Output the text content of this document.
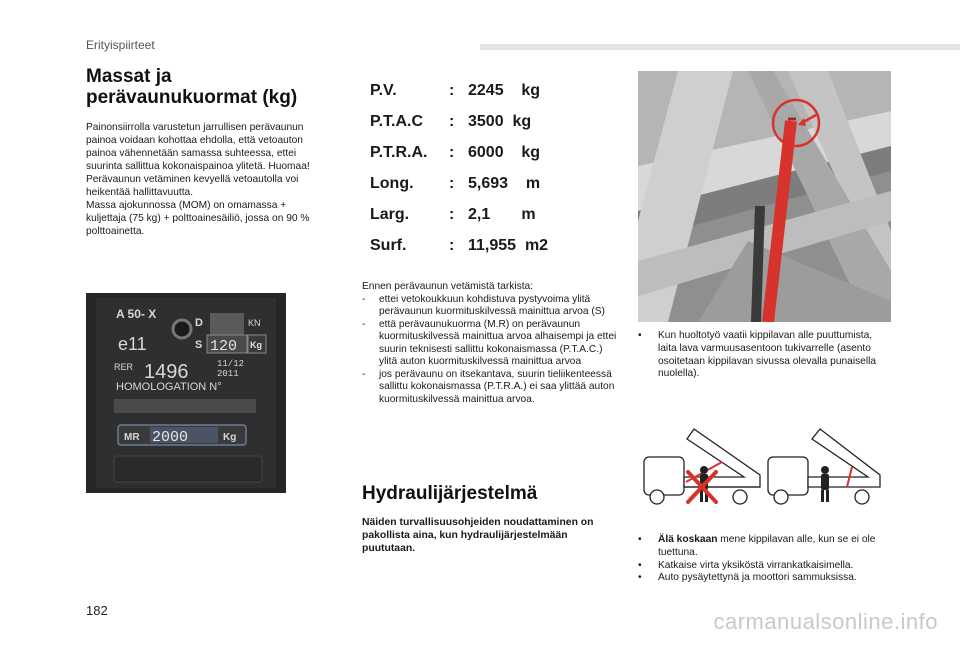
Erityispiirteet
Massat ja
perävaunukuormat (kg)

Painonsiirrolla varustetun jarrullisen perävaunun

painoa voidaan kohottaa ehdolla, että vetoauton

painoa vähennetään samassa suhteessa, ettei

suurinta sallittua kokonaispainoa ylitetä. Huomaa!

Perävaunun vetäminen kevyellä vetoautolla voi

heikentää hallittavuutta.

Massa ajokunnossa (MOM) on omamassa +

kuljettaja (75 kg) + polttoainesäiliö, jossa on 90 %

polttoainetta.

A 50- X
D	KN
e11	S 120 Kg
RER 1496	11/12
2011
HOMOLOGATION N°
MR 2000	Kg
P.V.	: 2245    kg
P.T.A.C : 3500  kg
P.T.R.A. : 6000    kg
Long. : 5,693    m
Larg. : 2,1       m
Surf.	: 11,955  m2

Ennen perävaunun vetämistä tarkista:

- ettei vetokoukkuun kohdistuva pystyvoima ylitä perävaunun kuormituskilvessä mainittua arvoa (S)
- että perävaunukuorma (M.R) on perävaunun kuormituskilvessä mainittua arvoa alhaisempi ja ettei suurin teknisesti sallittu kokonaismassa (P.T.A.C.) ylitä auton kuormituskilvessä mainittua arvoa
- jos perävaunu on itsekantava, suurin tieliikenteessä sallittu kokonaismassa (P.T.R.A.) ei saa ylittää auton kuormituskilvessä mainittua arvoa.
Hydraulijärjestelmä
Näiden turvallisuusohjeiden noudattaminen on pakollista aina, kun hydraulijärjestelmään puututaan.
•	Kun huoltotyö vaatii kippilavan alle puuttumista, laita lava varmuusasentoon tukivarrelle (asento osoitetaan kippilavan sivussa olevalla punaisella nuolella).
•	Älä koskaan mene kippilavan alle, kun se ei ole tuettuna.
•	Katkaise virta yksiköstä virrankatkaisimella.
•	Auto pysäytettynä ja moottori sammuksissa.
182	carmanualsonline.info
